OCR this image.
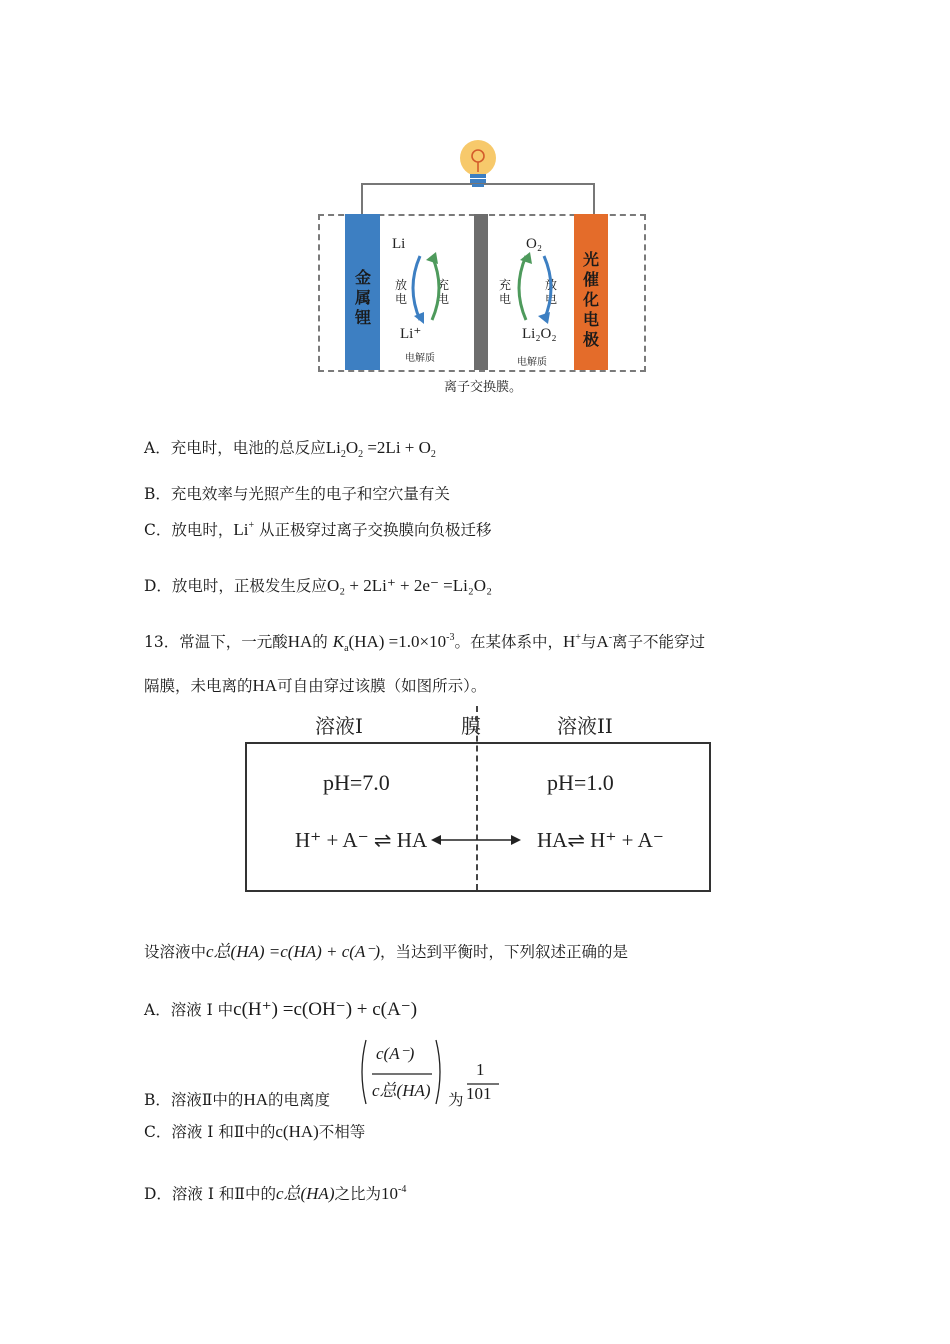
金属锂
光催化电极
Li
Li⁺
放电
充电
电解质
O₂
Li₂O₂
充电
放电
电解质
离子交换膜。
A．充电时，电池的总反应$Li_2O_2 =2Li + O_2$
B．充电效率与光照产生的电子和空穴量有关
C．放电时，Li+ 从正极穿过离子交换膜向负极迁移
D．放电时，正极发生反应O₂ + 2Li⁺ + 2e⁻ =Li₂O₂
13．常温下，一元酸HA的 $K_a(HA) =1.0\times 10^{-3}$。在某体系中，H+与A-离子不能穿过
隔膜，未电离的HA可自由穿过该膜（如图所示）。
溶液I	膜	溶液II
pH=7.0	pH=1.0
H⁺ + A⁻ ⇌ HA	HA⇌ H⁺ + A⁻
设溶液中c总(HA) =c(HA) + c(A⁻)，当达到平衡时，下列叙述正确的是
A．溶液 I 中c(H⁺) =c(OH⁻) + c(A⁻)
B．溶液Ⅱ中的HA的电离度
c(A⁻)
c总(HA) 为
1
101
C．溶液 I 和Ⅱ中的c(HA)不相等
D．溶液 I 和Ⅱ中的c总(HA)之比为$10^{-4}$
